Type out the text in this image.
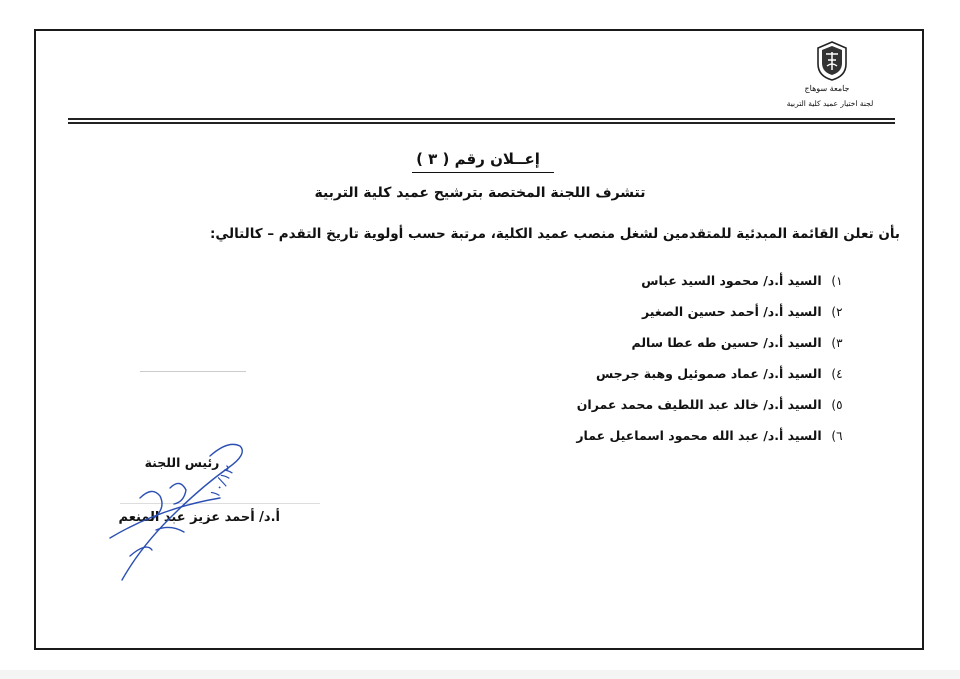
جامعة سوهاج
لجنة اختيار عميد كلية التربية
إعــلان رقم ( ٣ )
تتشرف اللجنة المختصة بترشيح عميد كلية التربية
بأن تعلن القائمة المبدئية للمتقدمين لشغل منصب عميد الكلية، مرتبة حسب أولوية تاريخ التقدم – كالتالي:
١) السيد أ.د/ محمود السيد عباس
٢) السيد أ.د/ أحمد حسين الصغير
٣) السيد أ.د/ حسين طه عطا سالم
٤) السيد أ.د/ عماد صموئيل وهبة جرجس
٥) السيد أ.د/ خالد عبد اللطيف محمد عمران
٦) السيد أ.د/ عبد الله محمود اسماعيل عمار
رئيس اللجنة
أ.د/ أحمد عزيز عبد المنعم
١٠/١٢
